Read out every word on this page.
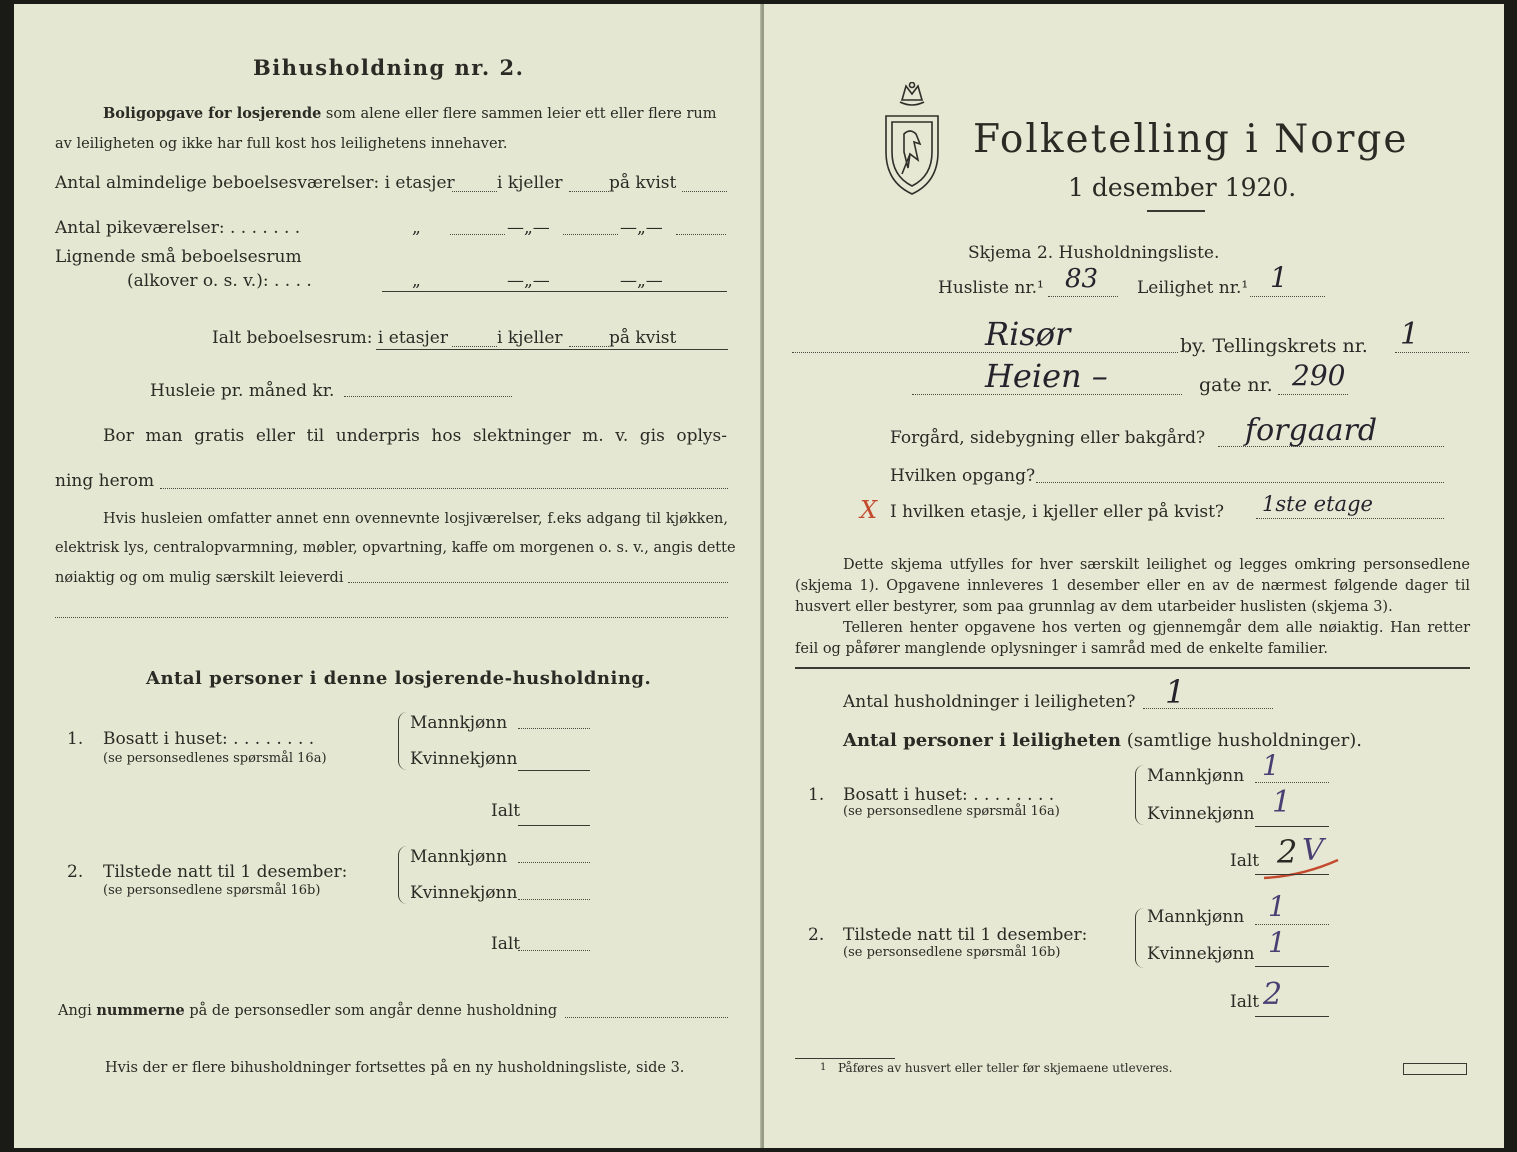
Bihusholdning nr. 2.
Boligopgave for losjerende som alene eller flere sammen leier ett eller flere rum
av leiligheten og ikke har full kost hos leilighetens innehaver.
Antal almindelige beboelsesværelser: i etasjer i kjeller	på kvist
Antal pikeværelser: . . . . . . .	„	—„—	—„—
Lignende små beboelsesrum
(alkover o. s. v.): . . . .	„	—„—	—„—
Ialt beboelsesrum: i etasjer	i kjeller	på kvist
Husleie pr. måned kr.
Bor man gratis eller til underpris hos slektninger m. v. gis oplys-
ning herom
Hvis husleien omfatter annet enn ovennevnte losjiværelser, f.eks adgang til kjøkken,
elektrisk lys, centralopvarmning, møbler, opvartning, kaffe om morgenen o. s. v., angis dette
nøiaktig og om mulig særskilt leieverdi
Antal personer i denne losjerende-husholdning.
1. Bosatt i huset: . . . . . . . .
(se personsedlenes spørsmål 16a)
Mannkjønn
Kvinnekjønn
Ialt
2. Tilstede natt til 1 desember:
(se personsedlene spørsmål 16b)
Mannkjønn
Kvinnekjønn
Ialt
Angi nummerne på de personsedler som angår denne husholdning
Hvis der er flere bihusholdninger fortsettes på en ny husholdningsliste, side 3.
Folketelling i Norge
1 desember 1920.
Skjema 2. Husholdningsliste.
Husliste nr.¹ 83 Leilighet nr.¹ 1
Risør	by. Tellingskrets nr. 1
Heien –	gate nr. 290
Forgård, sidebygning eller bakgård? forgaard
Hvilken opgang?
X I hvilken etasje, i kjeller eller på kvist? 1ste etage
Dette skjema utfylles for hver særskilt leilighet og legges omkring personsedlene
(skjema 1). Opgavene innleveres 1 desember eller en av de nærmest følgende dager til
husvert eller bestyrer, som paa grunnlag av dem utarbeider huslisten (skjema 3).
Telleren henter opgavene hos verten og gjennemgår dem alle nøiaktig. Han retter
feil og påfører manglende oplysninger i samråd med de enkelte familier.
Antal husholdninger i leiligheten? 1
Antal personer i leiligheten (samtlige husholdninger).
1. Bosatt i huset: . . . . . . . .
(se personsedlene spørsmål 16a)
Mannkjønn 1
Kvinnekjønn 1
Ialt 2 V
2. Tilstede natt til 1 desember:
(se personsedlene spørsmål 16b)
Mannkjønn 1
Kvinnekjønn 1
Ialt 2
1 Påføres av husvert eller teller før skjemaene utleveres.
